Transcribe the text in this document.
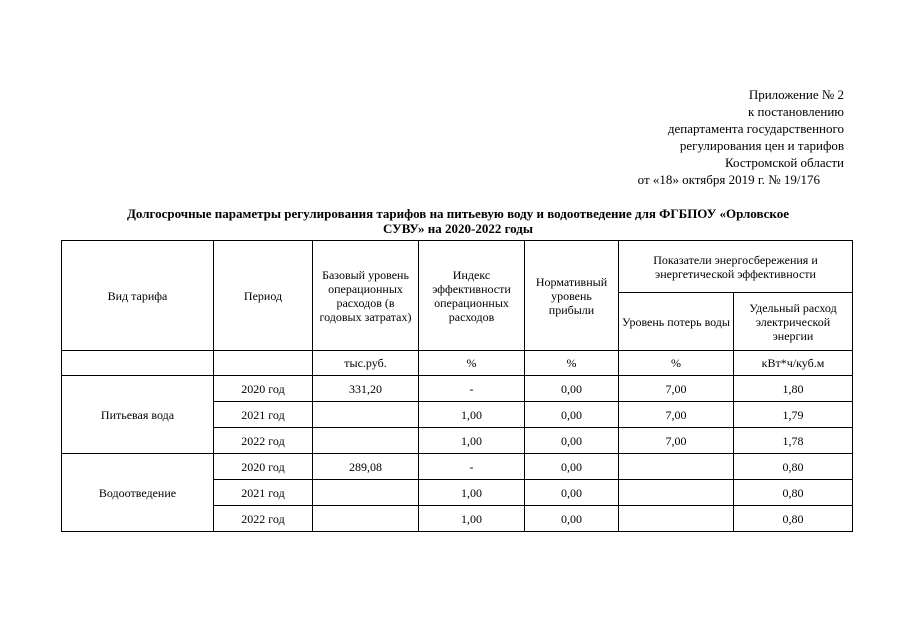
Приложение № 2
к постановлению
департамента государственного
регулирования цен и тарифов
Костромской области
от «18» октября 2019 г. № 19/176
Долгосрочные параметры регулирования тарифов на питьевую воду и водоотведение для ФГБПОУ «Орловское
СУВУ» на 2020-2022 годы
Вид тарифа	Период	Базовый уровень операционных расходов (в годовых затратах)	Индекс эффективности операционных расходов	Нормативный уровень прибыли	Показатели энергосбережения и энергетической эффективности	
					Уровень потерь воды	Удельный расход электрической энергии
		тыс.руб.	%	%	%	кВт*ч/куб.м
Питьевая вода	2020 год	331,20	-	0,00	7,00	1,80
	2021 год		1,00	0,00	7,00	1,79
	2022 год		1,00	0,00	7,00	1,78
Водоотведение	2020 год	289,08	-	0,00		0,80
	2021 год		1,00	0,00		0,80
	2022 год		1,00	0,00		0,80
